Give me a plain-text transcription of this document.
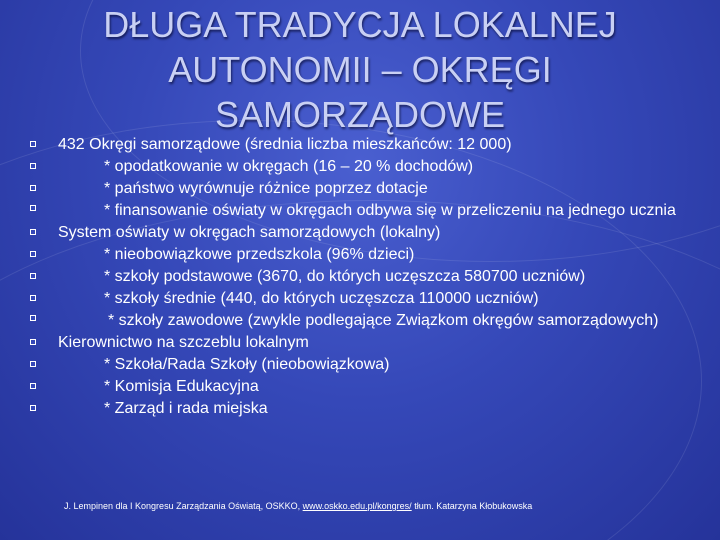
DŁUGA TRADYCJA LOKALNEJ
AUTONOMII – OKRĘGI
SAMORZĄDOWE
432 Okręgi samorządowe (średnia liczba mieszkańców: 12 000)
* opodatkowanie w okręgach (16 – 20 % dochodów)
* państwo wyrównuje różnice poprzez dotacje
* finansowanie oświaty w okręgach odbywa się w przeliczeniu na jednego uczniа
System oświaty w okręgach samorządowych (lokalny)
* nieobowiązkowe przedszkola (96% dzieci)
* szkoły podstawowe (3670, do których uczęszcza 580700 uczniów)
* szkoły średnie (440, do których uczęszcza 110000 uczniów)
* szkoły zawodowe (zwykle podlegające Związkom okręgów samorządowych)
Kierownictwo na szczeblu lokalnym
* Szkoła/Rada Szkoły (nieobowiązkowa)
* Komisja Edukacyjna
* Zarząd i rada miejska
J. Lempinen dla I Kongresu Zarządzania Oświatą, OSKKO, www.oskko.edu.pl/kongres/ tłum. Katarzyna Kłobukowska
